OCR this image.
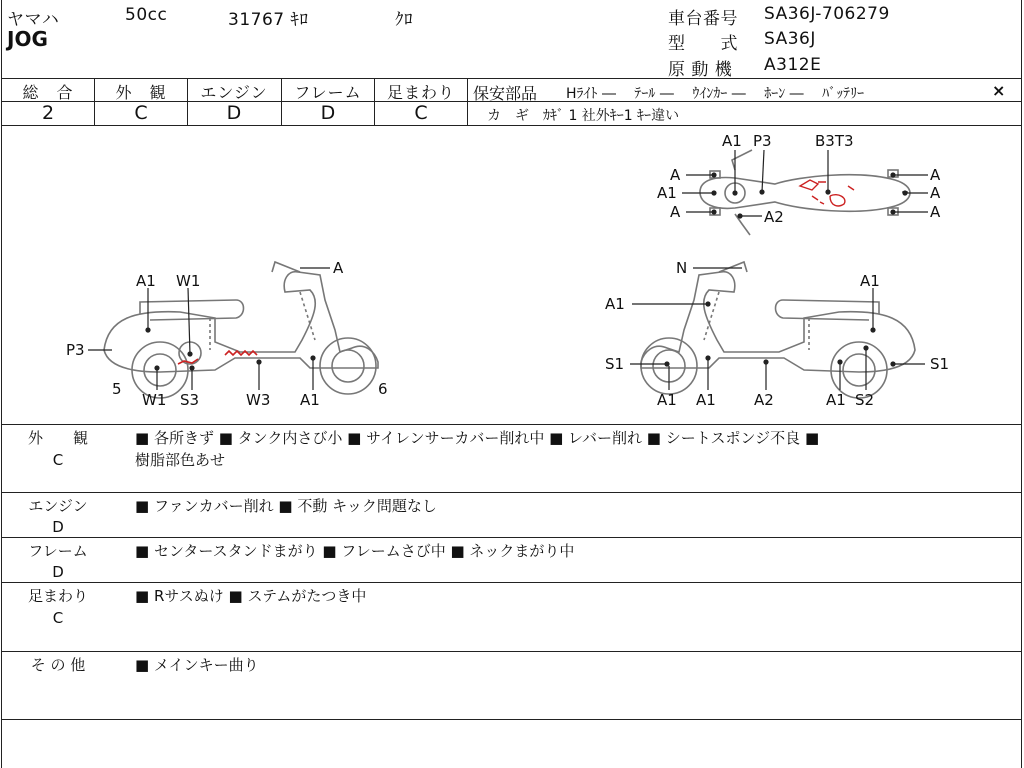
ヤマハ	50cc	31767 ｷﾛ	ｸﾛ
JOG
車台番号 SA36J-706279
型　　式 SA36J
原 動 機 A312E
総　合	外　観	エンジン	フレーム	足まわり
2	C	D	D	C
保安部品 Hﾗｲﾄ ―　 ﾃｰﾙ ―　 ｳｲﾝｶｰ ―　 ﾎｰﾝ ―　 ﾊﾞｯﾃﾘｰ	×
カ　ギ　ｶｷﾞ 1 社外ｷｰ1 ｷｰ違い
A
A1 W1
P3
5	6
W1 S3	W3 A1
N
A1
A1
S1	S1
A1 A1	A2	A1 S2
A1 P3	B3T3
A
A1
A	A2
A
A
A
外　　観
C
■ 各所きず ■ タンク内さび小 ■ サイレンサーカバー削れ中 ■ レバー削れ ■ シートスポンジ不良 ■
樹脂部色あせ
エンジン
D
■ ファンカバー削れ ■ 不動 キック問題なし
フレーム
D
■ センタースタンドまがり ■ フレームさび中 ■ ネックまがり中
足まわり
C
■ Rサスぬけ ■ ステムがたつき中
そ の 他	■ メインキー曲り
